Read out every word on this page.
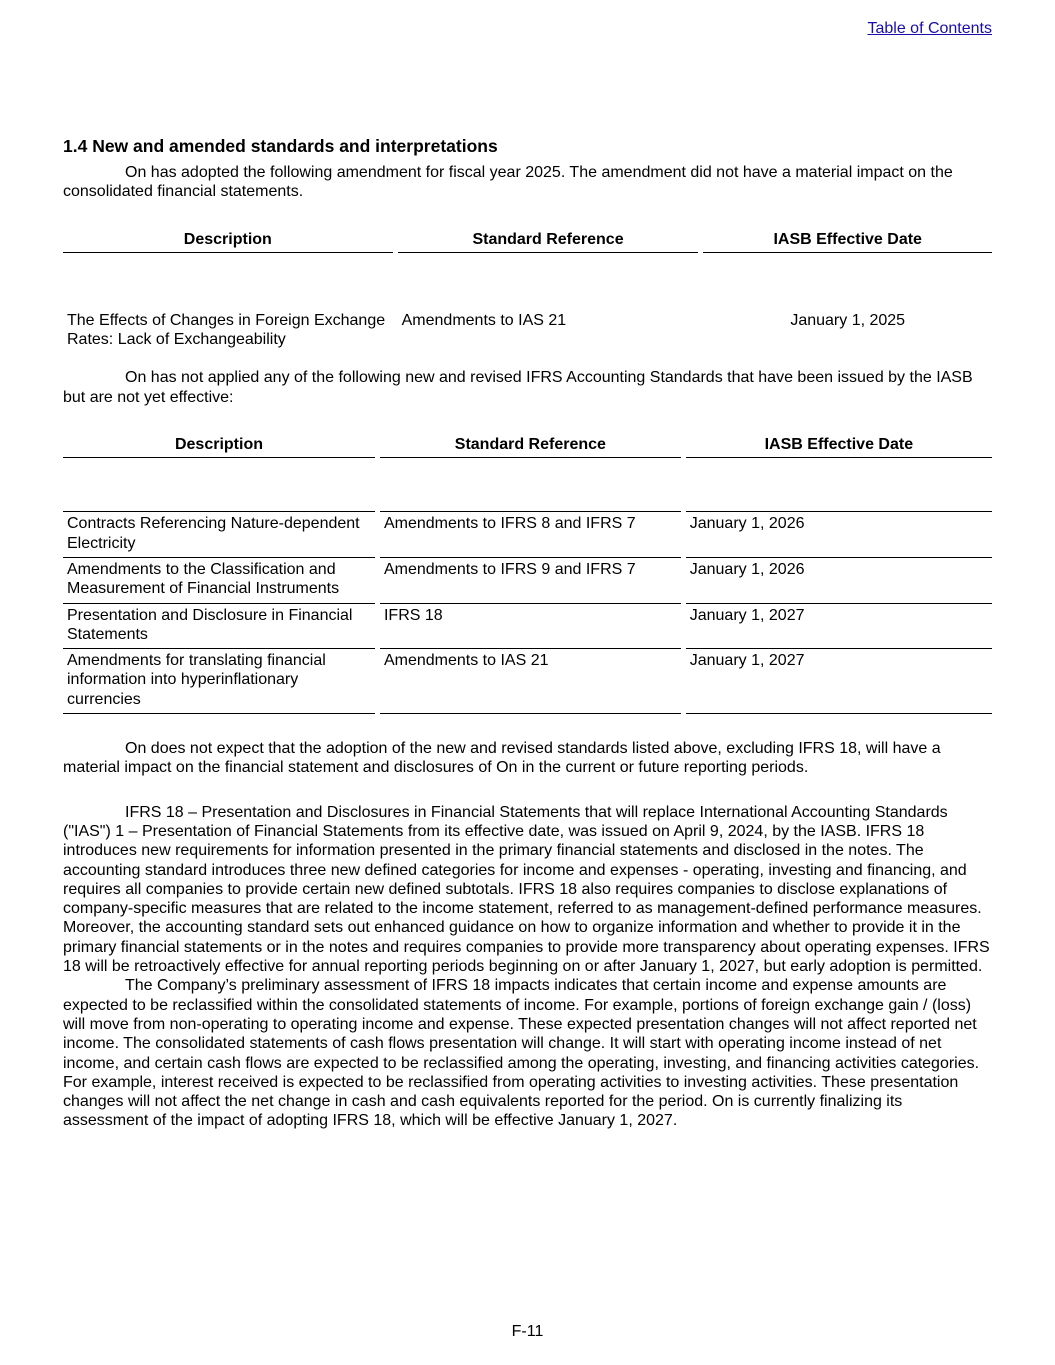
Table of Contents
1.4 New and amended standards and interpretations

On has adopted the following amendment for fiscal year 2025. The amendment did not have a material impact on the consolidated financial statements.

Description	Standard Reference	IASB Effective Date

The Effects of Changes in Foreign Exchange Rates: Lack of Exchangeability	Amendments to IAS 21	January 1, 2025

On has not applied any of the following new and revised IFRS Accounting Standards that have been issued by the IASB but are not yet effective:

Description	Standard Reference	IASB Effective Date

Contracts Referencing Nature-dependent Electricity	Amendments to IFRS 8 and IFRS 7	January 1, 2026
Amendments to the Classification and Measurement of Financial Instruments	Amendments to IFRS 9 and IFRS 7	January 1, 2026
Presentation and Disclosure in Financial Statements	IFRS 18	January 1, 2027
Amendments for translating financial information into hyperinflationary currencies	Amendments to IAS 21	January 1, 2027

On does not expect that the adoption of the new and revised standards listed above, excluding IFRS 18, will have a material impact on the financial statement and disclosures of On in the current or future reporting periods.

IFRS 18 – Presentation and Disclosures in Financial Statements that will replace International Accounting Standards ("IAS") 1 – Presentation of Financial Statements from its effective date, was issued on April 9, 2024, by the IASB. IFRS 18 introduces new requirements for information presented in the primary financial statements and disclosed in the notes. The accounting standard introduces three new defined categories for income and expenses - operating, investing and financing, and requires all companies to provide certain new defined subtotals. IFRS 18 also requires companies to disclose explanations of company-specific measures that are related to the income statement, referred to as management-defined performance measures. Moreover, the accounting standard sets out enhanced guidance on how to organize information and whether to provide it in the primary financial statements or in the notes and requires companies to provide more transparency about operating expenses. IFRS 18 will be retroactively effective for annual reporting periods beginning on or after January 1, 2027, but early adoption is permitted.

The Company’s preliminary assessment of IFRS 18 impacts indicates that certain income and expense amounts are expected to be reclassified within the consolidated statements of income. For example, portions of foreign exchange gain / (loss) will move from non-operating to operating income and expense. These expected presentation changes will not affect reported net income. The consolidated statements of cash flows presentation will change. It will start with operating income instead of net income, and certain cash flows are expected to be reclassified among the operating, investing, and financing activities categories. For example, interest received is expected to be reclassified from operating activities to investing activities. These presentation changes will not affect the net change in cash and cash equivalents reported for the period. On is currently finalizing its assessment of the impact of adopting IFRS 18, which will be effective January 1, 2027.

F-11
